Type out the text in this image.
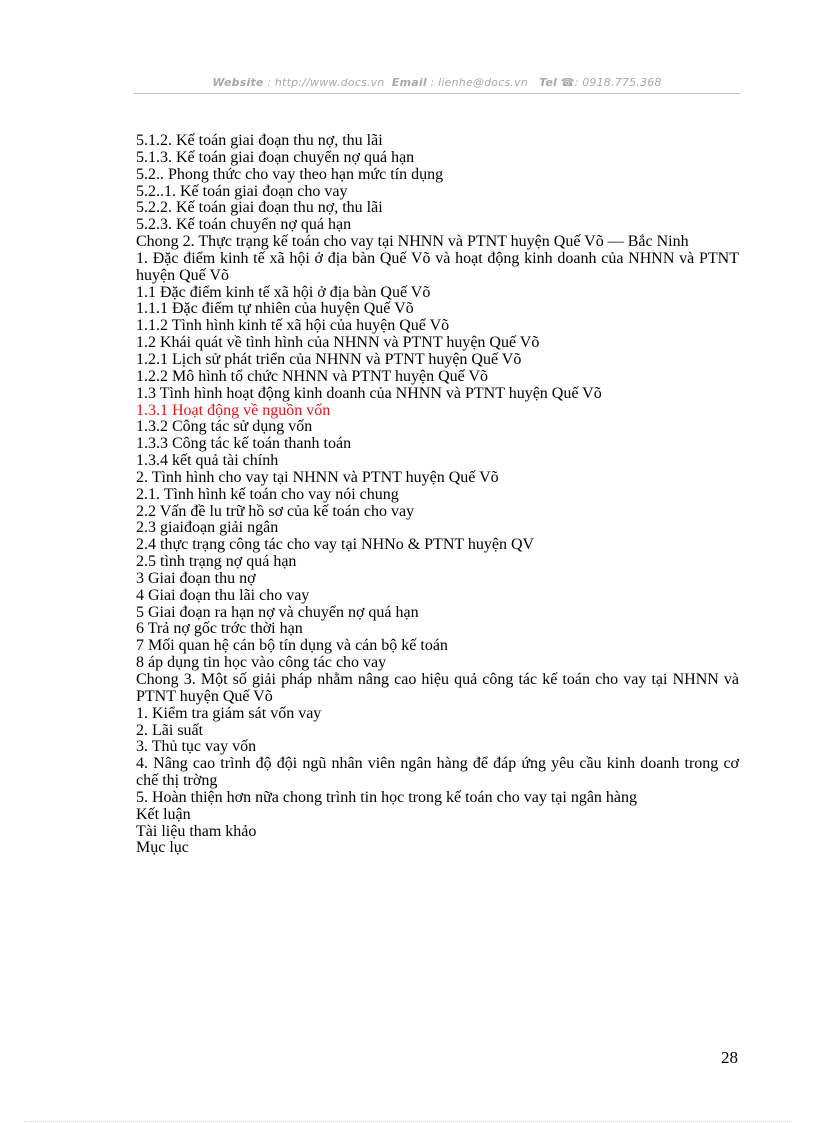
Website : http://www.docs.vn Email : lienhe@docs.vn Tel ☎: 0918.775.368
5.1.2. Kế toán giai đoạn thu nợ, thu lãi
5.1.3. Kế toán giai đoạn chuyển nợ quá hạn
5.2.. Phong thức cho vay theo hạn mức tín dụng
5.2..1. Kế toán giai đoạn cho vay
5.2.2. Kế toán giai đoạn thu nợ, thu lãi
5.2.3. Kế toán chuyển nợ quá hạn
Chong 2. Thực trạng kế toán cho vay tại NHNN và PTNT huyện Quế Võ — Bắc Ninh
1. Đặc điểm kinh tế xã hội ở địa bàn Quế Võ và hoạt động kinh doanh của NHNN và PTNT huyện Quế Võ
1.1 Đặc điểm kinh tế xã hội ở địa bàn Quế Võ
1.1.1 Đặc điểm tự nhiên của huyện Quế Võ
1.1.2 Tình hình kinh tế xã hội của huyện Quế Võ
1.2 Khái quát về tình hình của NHNN và PTNT huyện Quế Võ
1.2.1 Lịch sử phát triển của NHNN và PTNT huyện Quế Võ
1.2.2 Mô hình tổ chức NHNN và PTNT huyện Quế Võ
1.3 Tình hình hoạt động kinh doanh của NHNN và PTNT huyện Quế Võ
1.3.1 Hoạt động về nguồn vốn
1.3.2 Công tác sử dụng vốn
1.3.3 Công tác kế toán thanh toán
1.3.4 kết quả tài chính
2. Tình hình cho vay tại NHNN và PTNT huyện Quế Võ
2.1. Tình hình kế toán cho vay nói chung
2.2 Vấn đề lu trữ hồ sơ của kế toán cho vay
2.3 giaiđoạn giải ngân
2.4 thực trạng công tác cho vay tại NHNo & PTNT huyện QV
2.5 tình trạng nợ quá hạn
3 Giai đoạn thu nợ
4 Giai đoạn thu lãi cho vay
5 Giai đoạn ra hạn nợ và chuyển nợ quá hạn
6 Trả nợ gốc trớc thời hạn
7 Mối quan hệ cán bộ tín dụng và cán bộ kế toán
8 áp dụng tin học vào công tác cho vay
Chong 3. Một số giải pháp nhằm nâng cao hiệu quả công tác kế toán cho vay tại NHNN và PTNT huyện Quế Võ
1. Kiểm tra giám sát vốn vay
2. Lãi suất
3. Thủ tục vay vốn
4. Nâng cao trình độ đội ngũ nhân viên ngân hàng để đáp ứng yêu cầu kinh doanh trong cơ chế thị trờng
5. Hoàn thiện hơn nữa chong trình tin học trong kế toán cho vay tại ngân hàng
Kết luận
Tài liệu tham khảo
Mục lục
28
